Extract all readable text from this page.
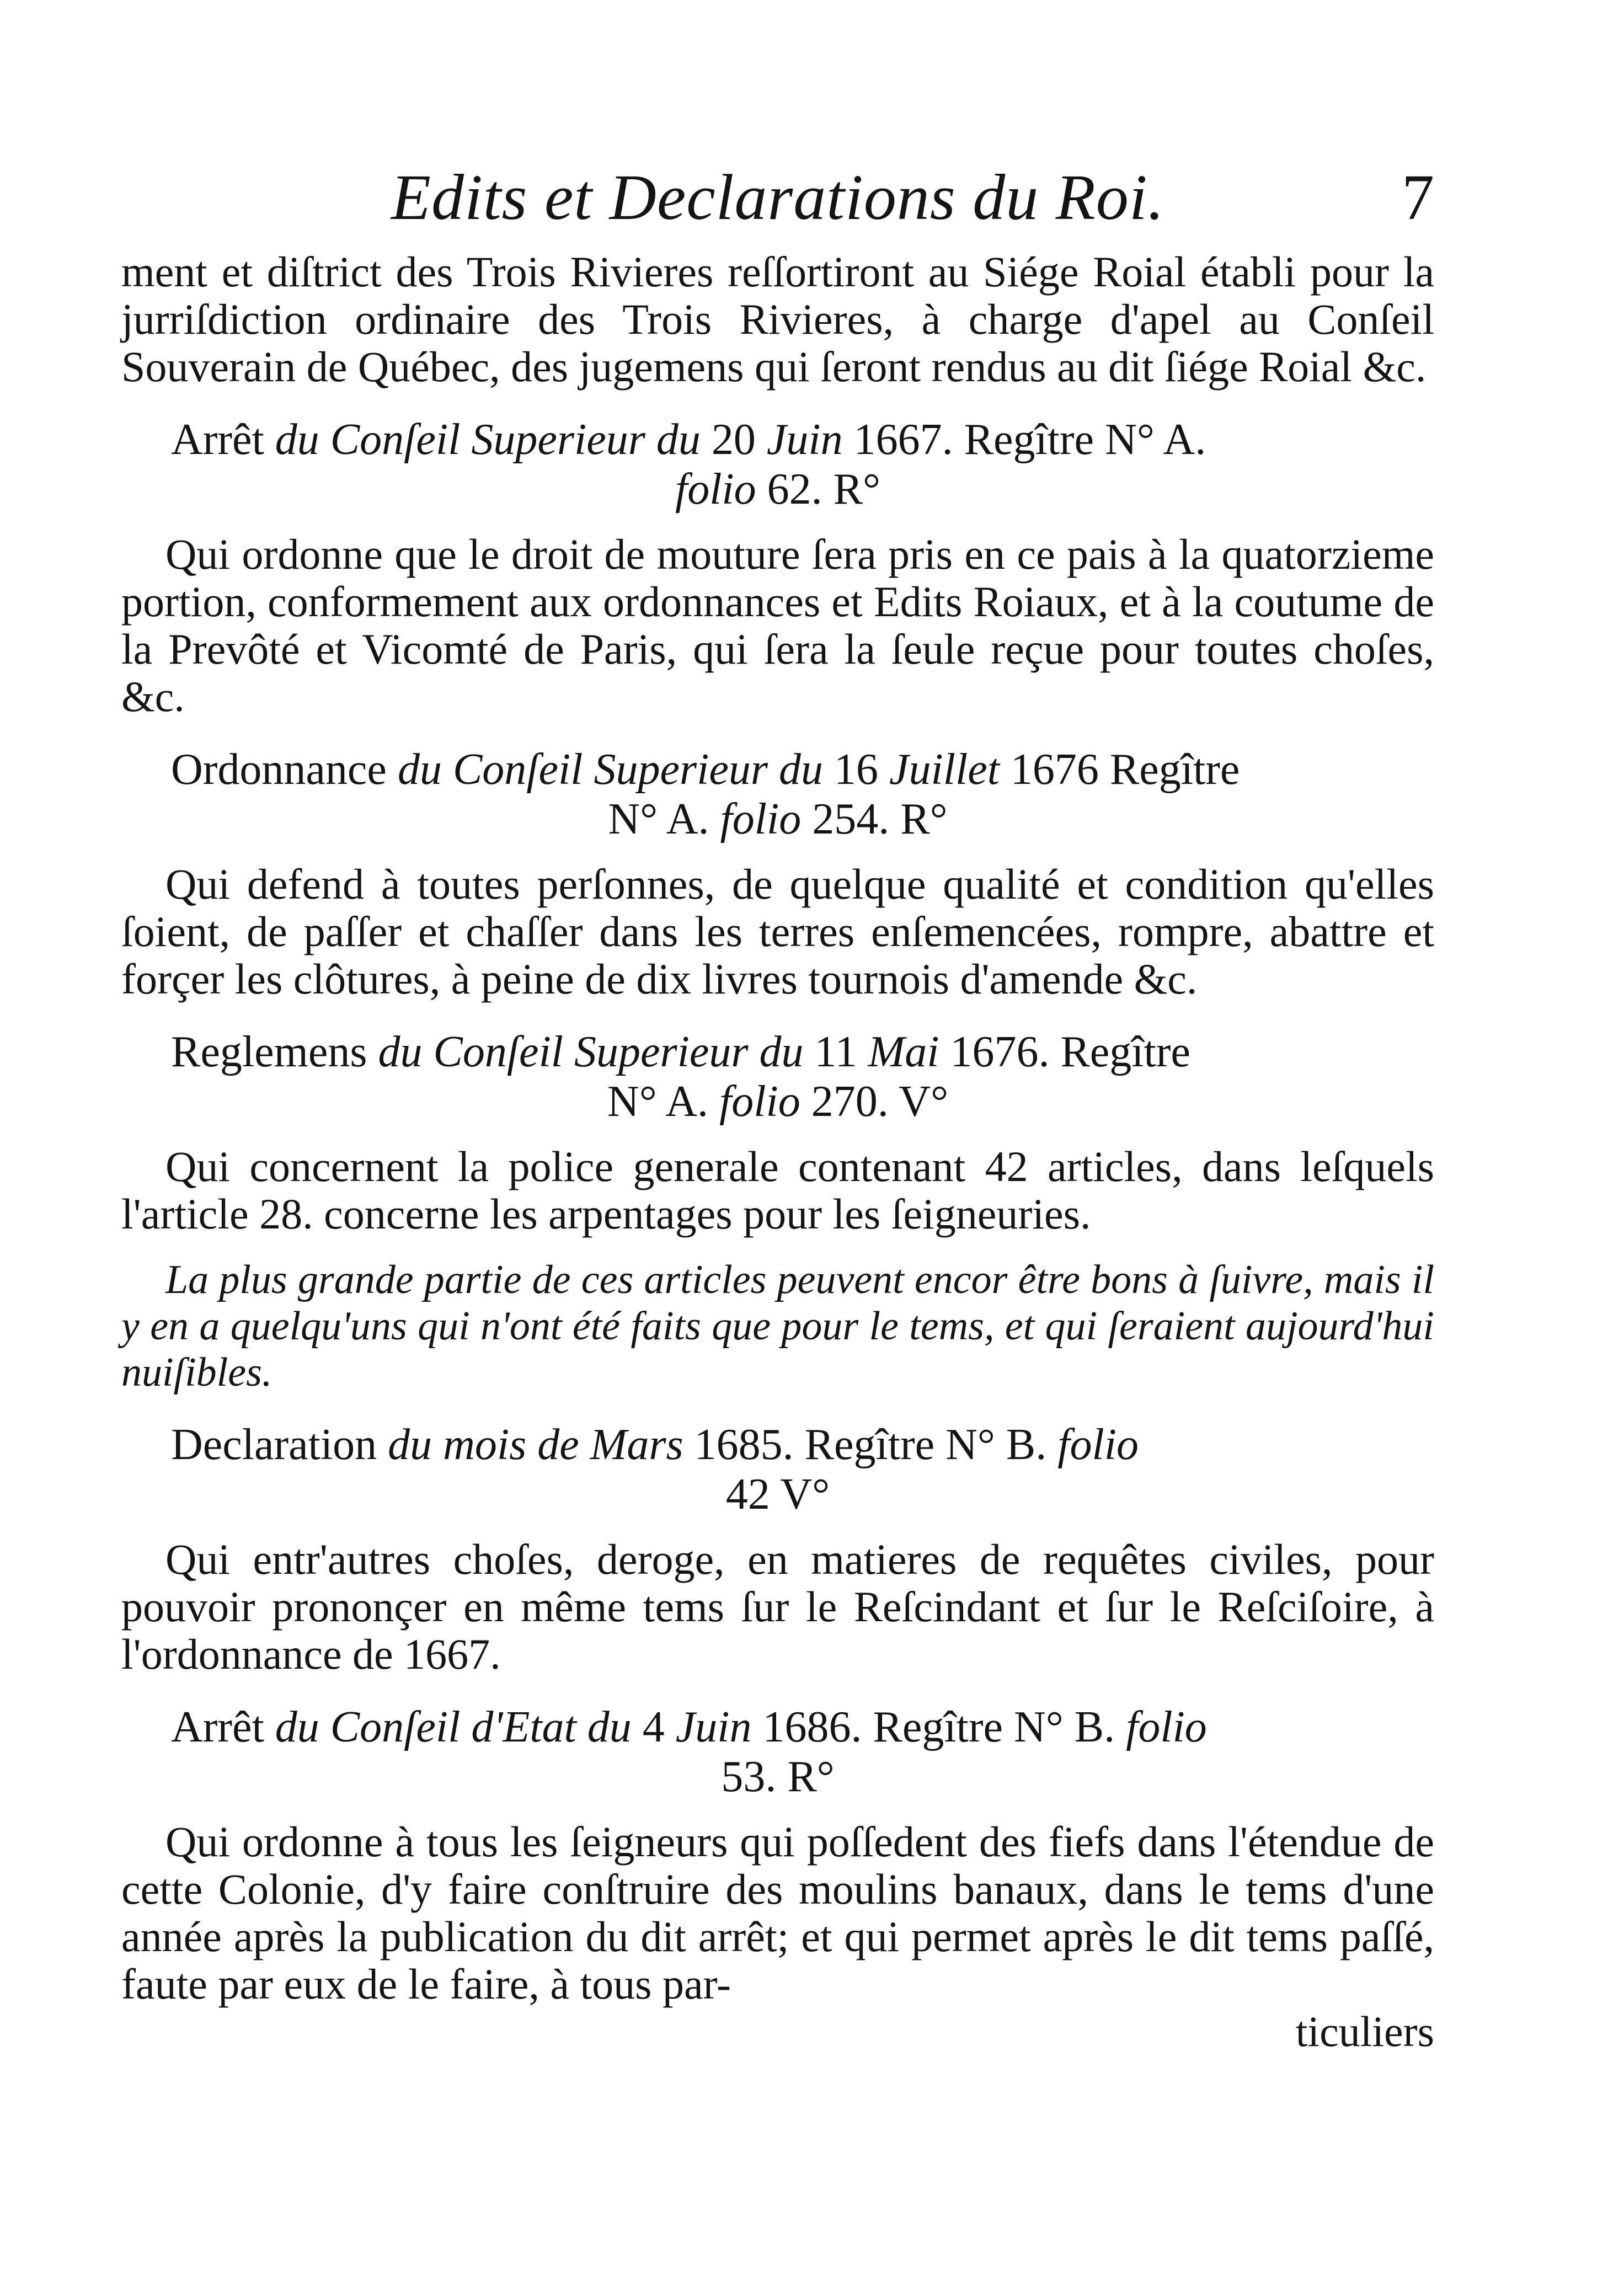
Edits et Declarations du Roi.	7

ment et diſtrict des Trois Rivieres reſſortiront au Siége Roial établi pour la jurriſdiction ordinaire des Trois Rivieres, à charge d'apel au Conſeil Souverain de Québec, des jugemens qui ſeront rendus au dit ſiége Roial &c.

Arrêt du Conſeil Superieur du 20 Juin 1667. Regître N° A.
folio 62. R°

Qui ordonne que le droit de mouture ſera pris en ce pais à la quatorzieme portion, conformement aux ordonnances et Edits Roiaux, et à la coutume de la Prevôté et Vicomté de Paris, qui ſera la ſeule reçue pour toutes choſes, &c.

Ordonnance du Conſeil Superieur du 16 Juillet 1676 Regître
N° A. folio 254. R°

Qui defend à toutes perſonnes, de quelque qualité et condition qu'elles ſoient, de paſſer et chaſſer dans les terres enſemencées, rompre, abattre et forçer les clôtures, à peine de dix livres tournois d'amende &c.

Reglemens du Conſeil Superieur du 11 Mai 1676. Regître
N° A. folio 270. V°

Qui concernent la police generale contenant 42 articles, dans leſquels l'article 28. concerne les arpentages pour les ſeigneuries.

La plus grande partie de ces articles peuvent encor être bons à ſuivre, mais il y en a quelqu'uns qui n'ont été faits que pour le tems, et qui ſeraient aujourd'hui nuiſibles.

Declaration du mois de Mars 1685. Regître N° B. folio
42 V°

Qui entr'autres choſes, deroge, en matieres de requêtes civiles, pour pouvoir prononçer en même tems ſur le Reſcindant et ſur le Reſciſoire, à l'ordonnance de 1667.

Arrêt du Conſeil d'Etat du 4 Juin 1686. Regître N° B. folio
53. R°

Qui ordonne à tous les ſeigneurs qui poſſedent des fiefs dans l'étendue de cette Colonie, d'y faire conſtruire des moulins banaux, dans le tems d'une année après la publication du dit arrêt; et qui permet après le dit tems paſſé, faute par eux de le faire, à tous par-

ticuliers
